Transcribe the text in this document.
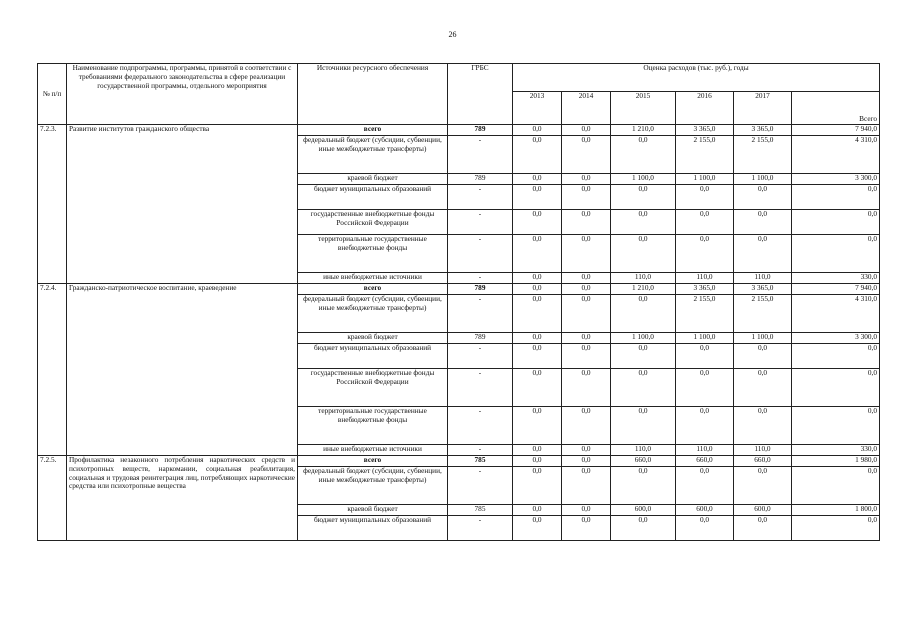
26
№ п/п	Наименование подпрограммы, программы, принятой в соответствии с требованиями федерального законодательства в сфере реализации государственной программы, отдельного мероприятия	Источники ресурсного обеспечения	ГРБС	Оценка расходов (тыс. руб.), годы					
				2013	2014	2015	2016	2017	Всего
7.2.3.	Развитие институтов гражданского общества	всего	789	0,0	0,0	1 210,0	3 365,0	3 365,0	7 940,0
		федеральный бюджет (субсидии, субвенции, иные межбюджетные трансферты)	-	0,0	0,0	0,0	2 155,0	2 155,0	4 310,0
		краевой бюджет	789	0,0	0,0	1 100,0	1 100,0	1 100,0	3 300,0
		бюджет муниципальных образований	-	0,0	0,0	0,0	0,0	0,0	0,0
		государственные внебюджетные фонды Российской Федерации	-	0,0	0,0	0,0	0,0	0,0	0,0
		территориальные государственные внебюджетные фонды	-	0,0	0,0	0,0	0,0	0,0	0,0
		иные внебюджетные источники	-	0,0	0,0	110,0	110,0	110,0	330,0
7.2.4.	Гражданско-патриотическое воспитание, краеведение	всего	789	0,0	0,0	1 210,0	3 365,0	3 365,0	7 940,0
		федеральный бюджет (субсидии, субвенции, иные межбюджетные трансферты)	-	0,0	0,0	0,0	2 155,0	2 155,0	4 310,0
		краевой бюджет	789	0,0	0,0	1 100,0	1 100,0	1 100,0	3 300,0
		бюджет муниципальных образований	-	0,0	0,0	0,0	0,0	0,0	0,0
		государственные внебюджетные фонды Российской Федерации	-	0,0	0,0	0,0	0,0	0,0	0,0
		территориальные государственные внебюджетные фонды	-	0,0	0,0	0,0	0,0	0,0	0,0
		иные внебюджетные источники	-	0,0	0,0	110,0	110,0	110,0	330,0
7.2.5.	Профилактика незаконного потребления наркотических средств и психотропных веществ, наркомании, социальная реабилитация, социальная и трудовая реинтеграция лиц, потребляющих наркотические средства или психотропные вещества	всего	785	0,0	0,0	660,0	660,0	660,0	1 980,0
		федеральный бюджет (субсидии, субвенции, иные межбюджетные трансферты)	-	0,0	0,0	0,0	0,0	0,0	0,0
		краевой бюджет	785	0,0	0,0	600,0	600,0	600,0	1 800,0
		бюджет муниципальных образований	-	0,0	0,0	0,0	0,0	0,0	0,0
